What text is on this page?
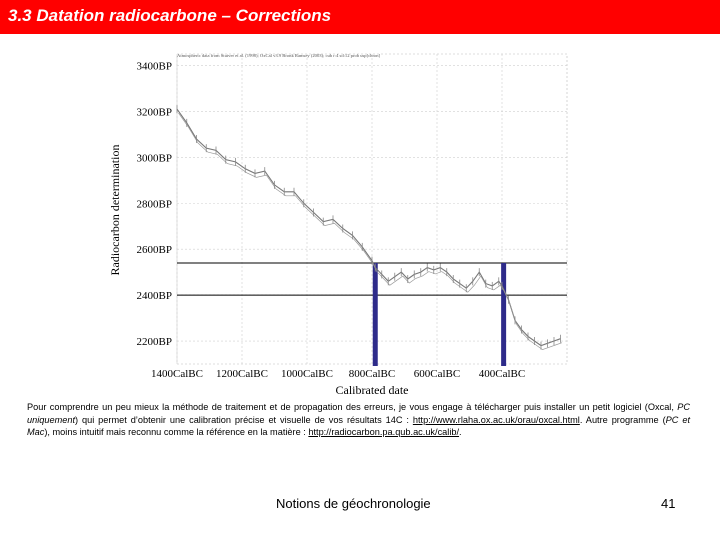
3.3 Datation radiocarbone – Corrections
3400BP
3200BP
3000BP
2800BP
2600BP
2400BP
2200BP
1400CalBC 1200CalBC 1000CalBC 800CalBC 600CalBC 400CalBC
Atmospheric data from Stuiver et al. (1998); OxCal v3.9 Bronk Ramsey (2003); cub r:4 sd:12 prob usp[chron]
Calibrated date
Radiocarbon determination
Pour comprendre un peu mieux la méthode de traitement et de propagation des erreurs, je vous engage à télécharger puis installer un petit logiciel (Oxcal, PC uniquement) qui permet d’obtenir une calibration précise et visuelle de vos résultats 14C : http://www.rlaha.ox.ac.uk/orau/oxcal.html. Autre programme (PC et Mac), moins intuitif mais reconnu comme la référence en la matière : http://radiocarbon.pa.qub.ac.uk/calib/.
Notions de géochronologie	41
